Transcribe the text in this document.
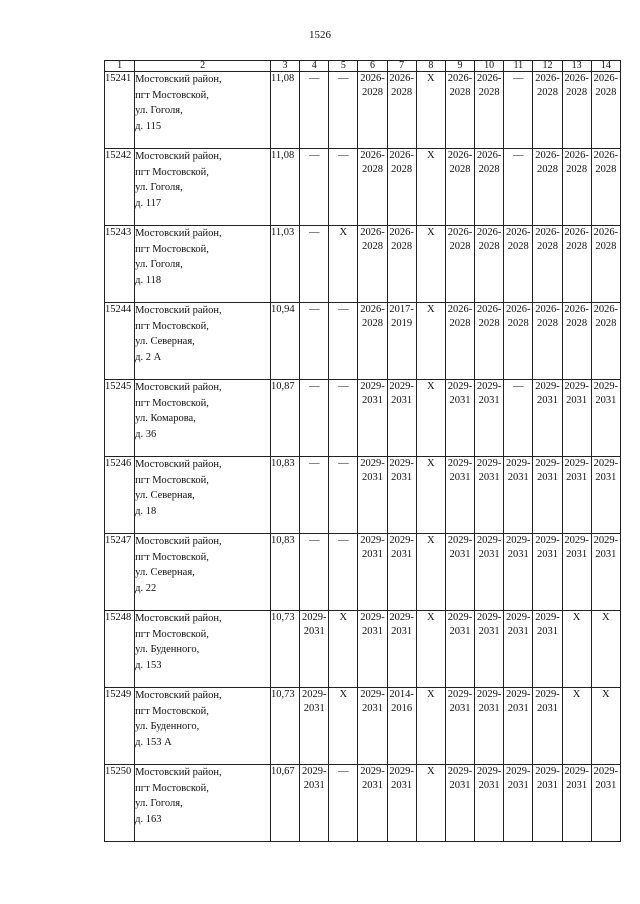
1526
1	2	3	4	5	6	7	8	9	10	11	12	13	14

15241	Мостовский район,
пгт Мостовской,
ул. Гоголя,
д. 115	11,08	—	—	2026-
2028	2026-
2028	X	2026-
2028	2026-
2028	—	2026-
2028	2026-
2028	2026-
2028

15242	Мостовский район,
пгт Мостовской,
ул. Гоголя,
д. 117	11,08	—	—	2026-
2028	2026-
2028	X	2026-
2028	2026-
2028	—	2026-
2028	2026-
2028	2026-
2028

15243	Мостовский район,
пгт Мостовской,
ул. Гоголя,
д. 118	11,03	—	X	2026-
2028	2026-
2028	X	2026-
2028	2026-
2028	2026-
2028	2026-
2028	2026-
2028	2026-
2028

15244	Мостовский район,
пгт Мостовской,
ул. Северная,
д. 2 А	10,94	—	—	2026-
2028	2017-
2019	X	2026-
2028	2026-
2028	2026-
2028	2026-
2028	2026-
2028	2026-
2028

15245	Мостовский район,
пгт Мостовской,
ул. Комарова,
д. 36	10,87	—	—	2029-
2031	2029-
2031	X	2029-
2031	2029-
2031	—	2029-
2031	2029-
2031	2029-
2031

15246	Мостовский район,
пгт Мостовской,
ул. Северная,
д. 18	10,83	—	—	2029-
2031	2029-
2031	X	2029-
2031	2029-
2031	2029-
2031	2029-
2031	2029-
2031	2029-
2031

15247	Мостовский район,
пгт Мостовской,
ул. Северная,
д. 22	10,83	—	—	2029-
2031	2029-
2031	X	2029-
2031	2029-
2031	2029-
2031	2029-
2031	2029-
2031	2029-
2031

15248	Мостовский район,
пгт Мостовской,
ул. Буденного,
д. 153	10,73	2029-
2031	X	2029-
2031	2029-
2031	X	2029-
2031	2029-
2031	2029-
2031	2029-
2031	X	X

15249	Мостовский район,
пгт Мостовской,
ул. Буденного,
д. 153 А	10,73	2029-
2031	X	2029-
2031	2014-
2016	X	2029-
2031	2029-
2031	2029-
2031	2029-
2031	X	X

15250	Мостовский район,
пгт Мостовской,
ул. Гоголя,
д. 163	10,67	2029-
2031	—	2029-
2031	2029-
2031	X	2029-
2031	2029-
2031	2029-
2031	2029-
2031	2029-
2031	2029-
2031
